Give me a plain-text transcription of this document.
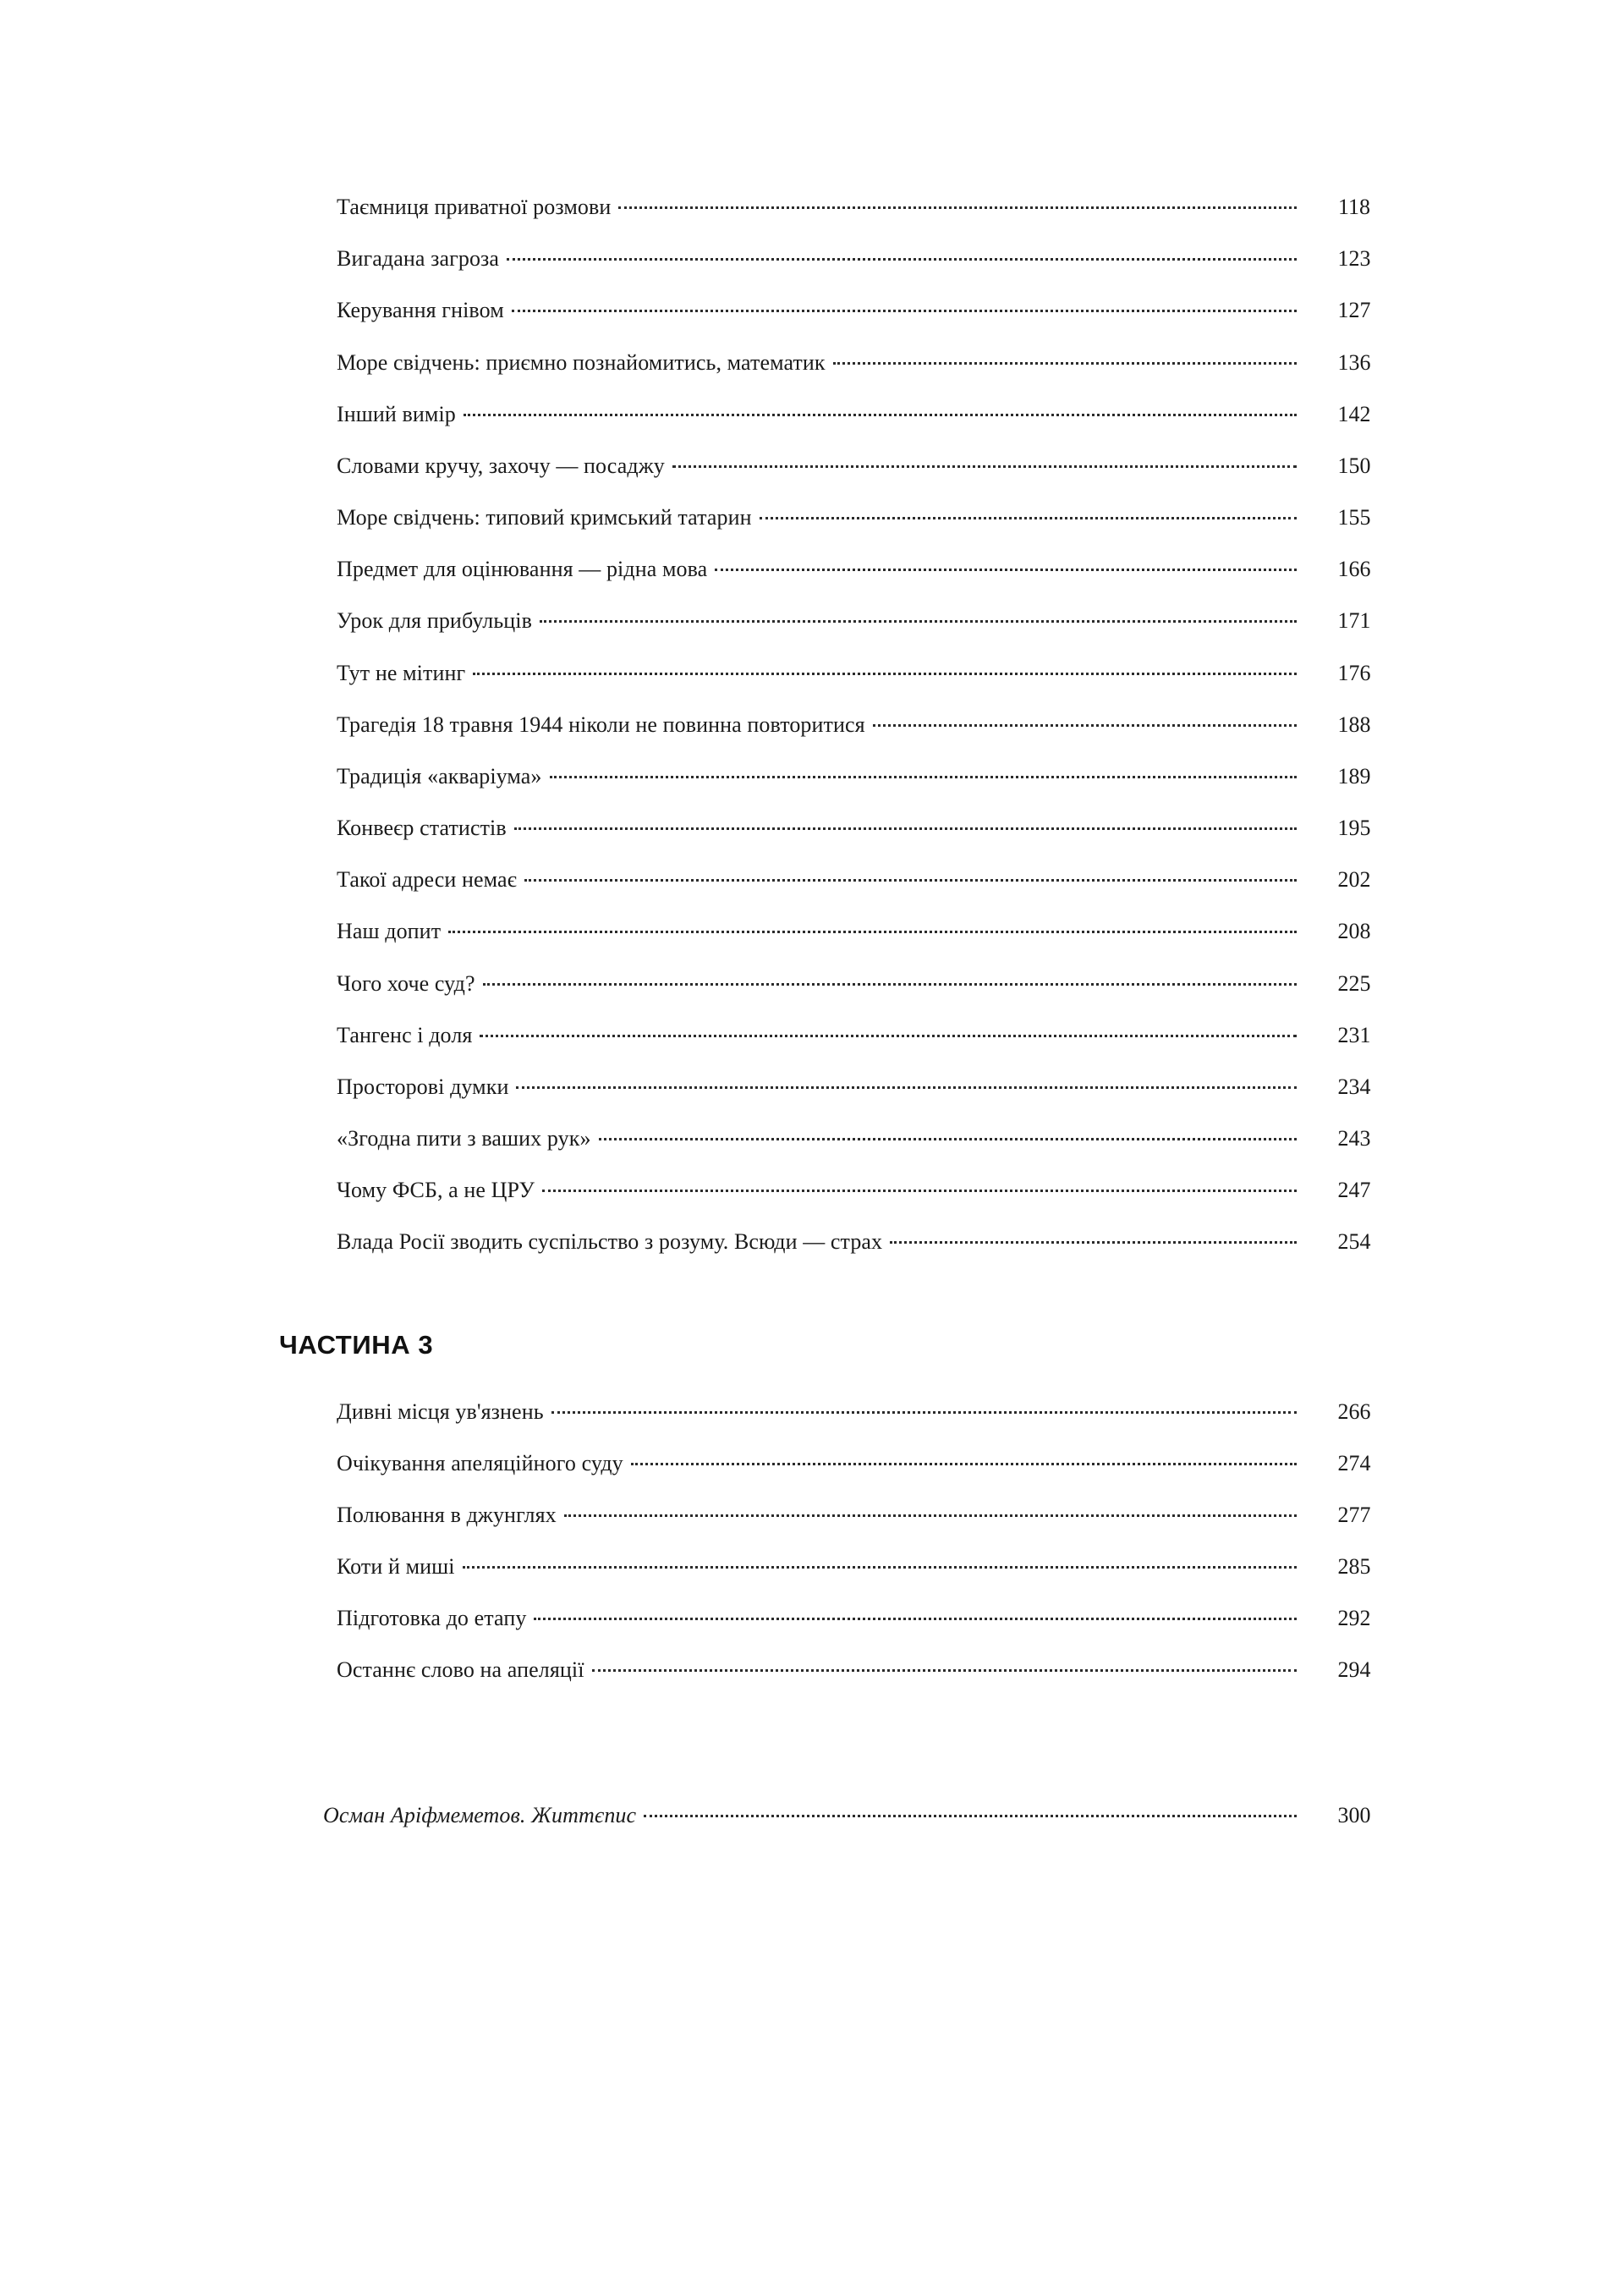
Таємниця приватної розмови	118
Вигадана загроза	123
Керування гнівом	127
Море свідчень: приємно познайомитись, математик	136
Інший вимір	142
Словами кручу, захочу — посаджу	150
Море свідчень: типовий кримський татарин	155
Предмет для оцінювання — рідна мова	166
Урок для прибульців	171
Тут не мітинг	176
Трагедія 18 травня 1944 ніколи не повинна повторитися	188
Традиція «акваріума»	189
Конвеєр статистів	195
Такої адреси немає	202
Наш допит	208
Чого хоче суд?	225
Тангенс і доля	231
Просторові думки	234
«Згодна пити з ваших рук»	243
Чому ФСБ, а не ЦРУ	247
Влада Росії зводить суспільство з розуму. Всюди — страх	254
ЧАСТИНА 3
Дивні місця ув'язнень	266
Очікування апеляційного суду	274
Полювання в джунглях	277
Коти й миші	285
Підготовка до етапу	292
Останнє слово на апеляції	294
Осман Аріфмеметов. Життєпис	300
